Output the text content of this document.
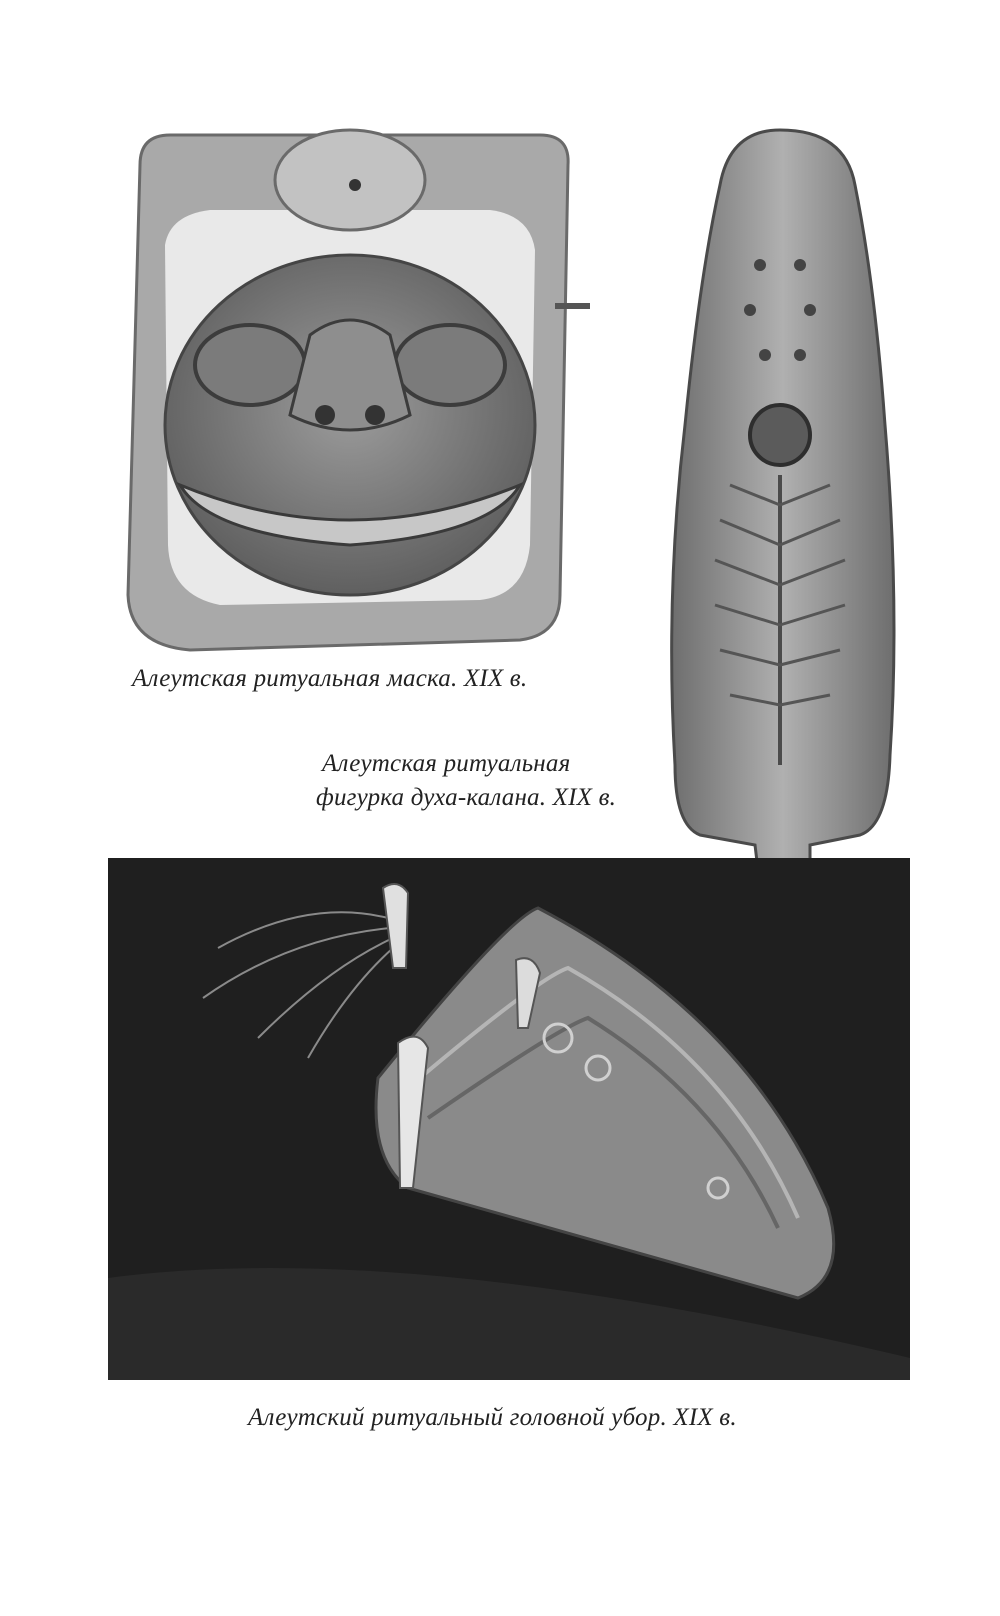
Алеутская ритуальная маска. XIX в.
Алеутская ритуальная
фигурка духа-калана. XIX в.
Алеутский ритуальный головной убор. XIX в.
